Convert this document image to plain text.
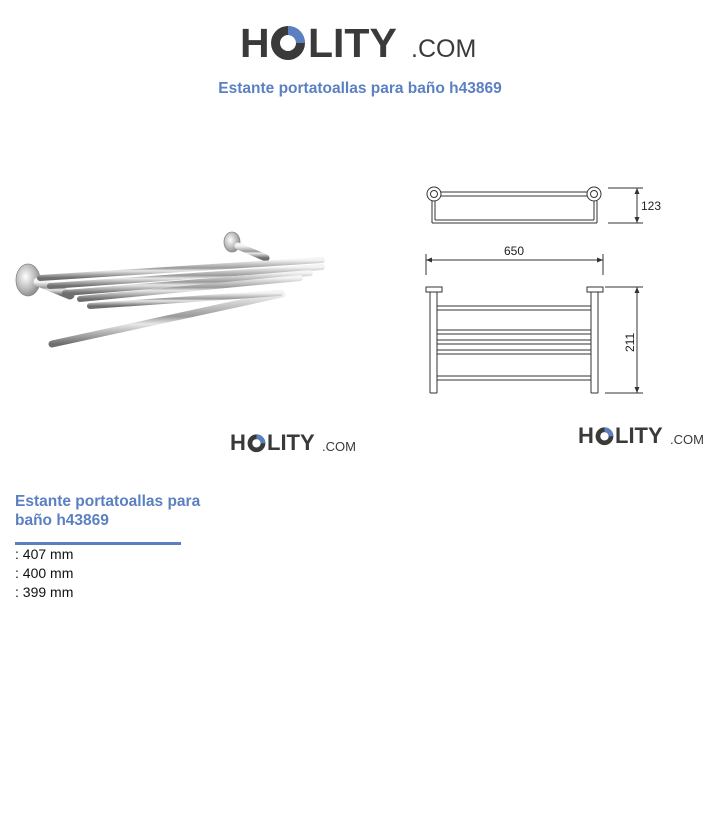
H LITY .COM
Estante portatoallas para baño h43869
650
123
211
H LITY .COM	H LITY .COM
Estante portatoallas para baño h43869
: 407 mm
: 400 mm
: 399 mm
